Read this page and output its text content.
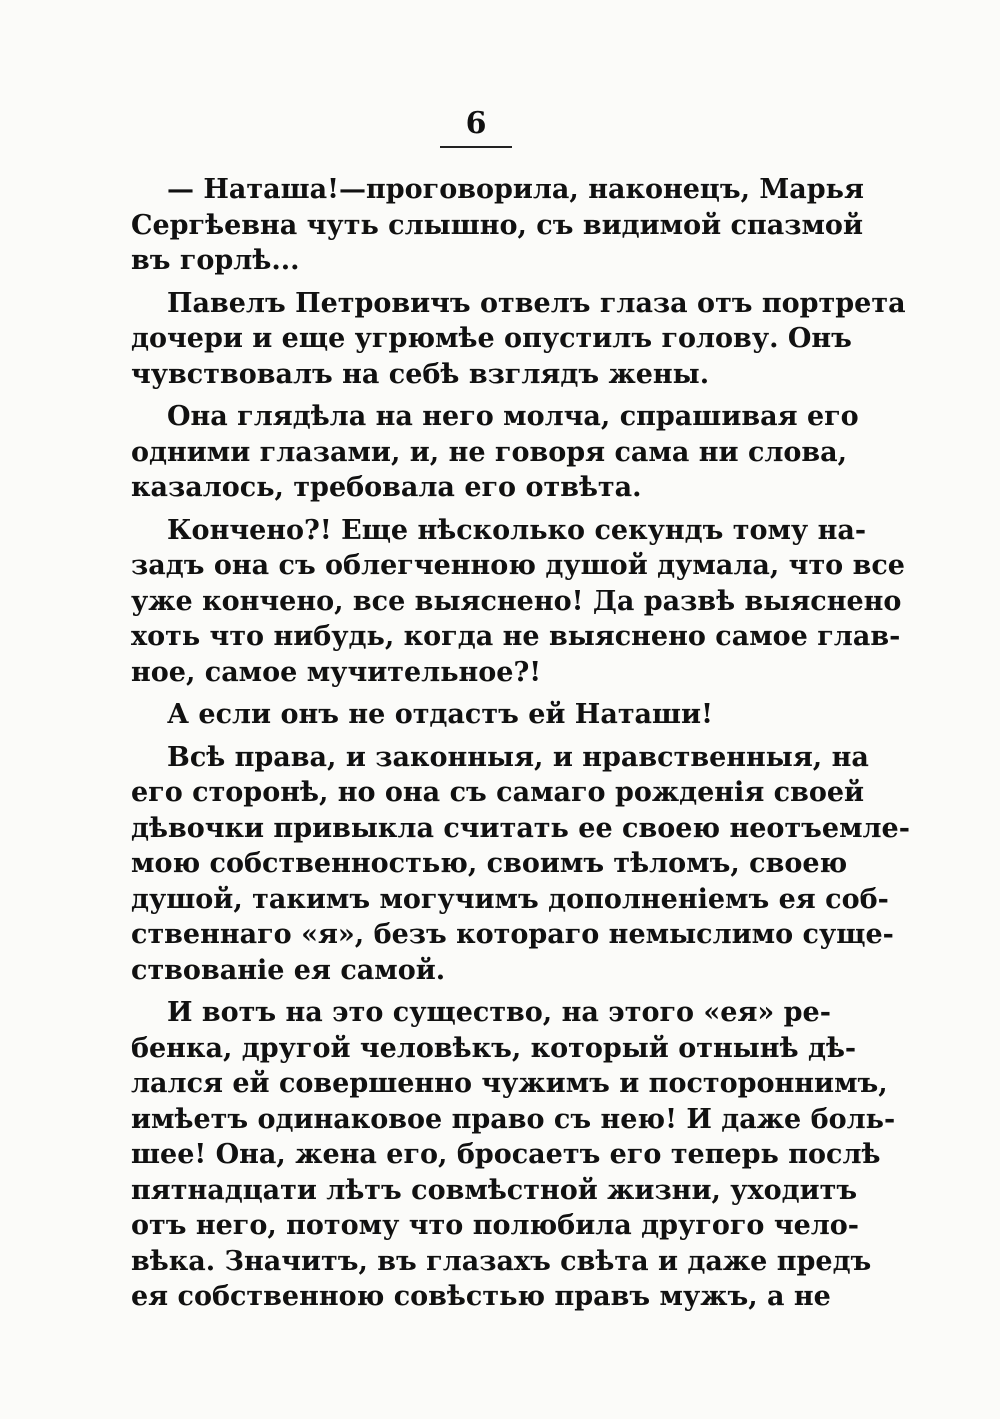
6
— Наташа!—проговорила, наконецъ, Марья
Сергѣевна чуть слышно, съ видимой спазмой
въ горлѣ...
Павелъ Петровичъ отвелъ глаза отъ портрета
дочери и еще угрюмѣе опустилъ голову. Онъ
чувствовалъ на себѣ взглядъ жены.
Она глядѣла на него молча, спрашивая его
одними глазами, и, не говоря сама ни слова,
казалось, требовала его отвѣта.
Кончено?! Еще нѣсколько секундъ тому на-
задъ она съ облегченною душой думала, что все
уже кончено, все выяснено! Да развѣ выяснено
хоть что нибудь, когда не выяснено самое глав-
ное, самое мучительное?!
А если онъ не отдастъ ей Наташи!
Всѣ права, и законныя, и нравственныя, на
его сторонѣ, но она съ самаго рожденія своей
дѣвочки привыкла считать ее своею неотъемле-
мою собственностью, своимъ тѣломъ, своею
душой, такимъ могучимъ дополненіемъ ея соб-
ственнаго «я», безъ котораго немыслимо суще-
ствованіе ея самой.
И вотъ на это существо, на этого «ея» ре-
бенка, другой человѣкъ, который отнынѣ дѣ-
лался ей совершенно чужимъ и постороннимъ,
имѣетъ одинаковое право съ нею! И даже боль-
шее! Она, жена его, бросаетъ его теперь послѣ
пятнадцати лѣтъ совмѣстной жизни, уходитъ
отъ него, потому что полюбила другого чело-
вѣка. Значитъ, въ глазахъ свѣта и даже предъ
ея собственною совѣстью правъ мужъ, а не
